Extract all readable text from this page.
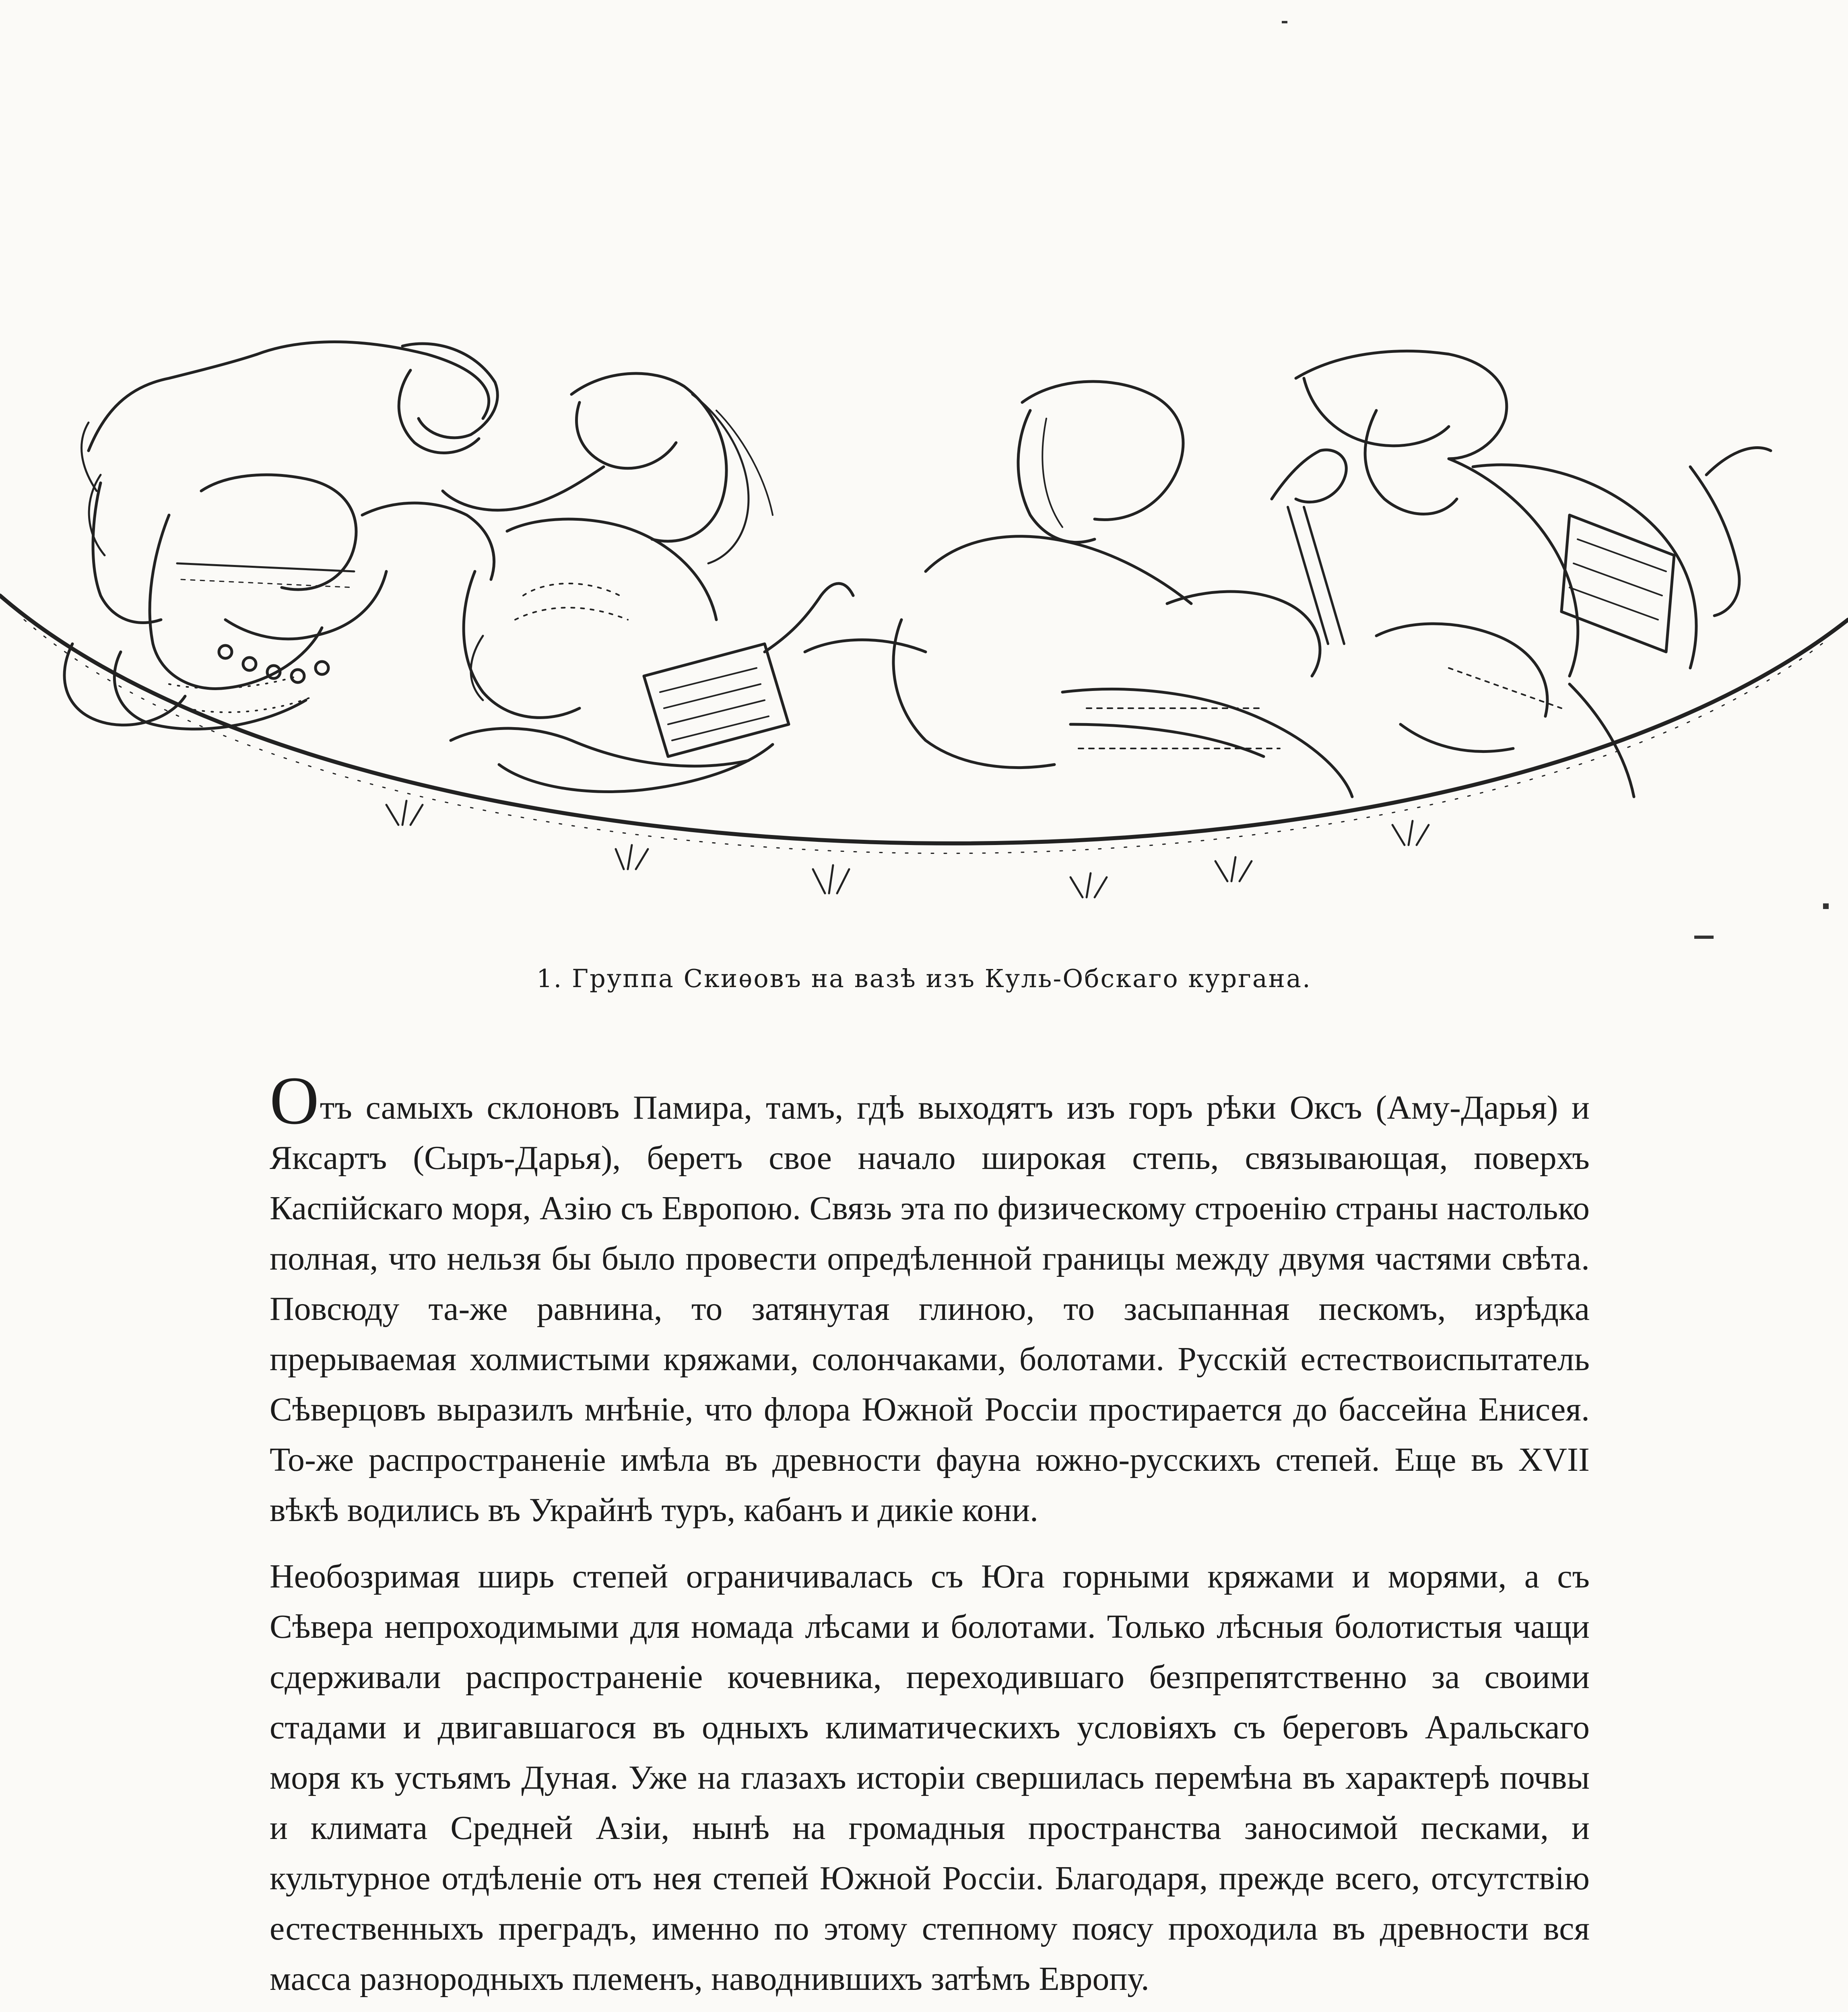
1. Группа Скиѳовъ на вазѣ изъ Куль-Обскаго кургана.

Отъ самыхъ склоновъ Памира, тамъ, гдѣ выходятъ изъ горъ рѣки Оксъ (Аму-Дарья) и Яксартъ (Сыръ-Дарья), беретъ свое начало широкая степь, связывающая, поверхъ Каспійскаго моря, Азію съ Европою. Связь эта по физическому строенію страны настолько полная, что нельзя бы было провести опредѣленной границы между двумя частями свѣта. Повсюду та-же равнина, то затянутая глиною, то засыпанная пескомъ, изрѣдка прерываемая холмистыми кряжами, солончаками, болотами. Русскій естествоиспытатель Сѣверцовъ выразилъ мнѣніе, что флора Южной Россіи простирается до бассейна Енисея. То-же распространеніе имѣла въ древности фауна южно-русскихъ степей. Еще въ XVII вѣкѣ водились въ Украйнѣ туръ, кабанъ и дикіе кони.

Необозримая ширь степей ограничивалась съ Юга горными кряжами и морями, а съ Сѣвера непроходимыми для номада лѣсами и болотами. Только лѣсныя болотистыя чащи сдерживали распространеніе кочевника, переходившаго безпрепятственно за своими стадами и двигавшагося въ одныхъ климатическихъ условіяхъ съ береговъ Аральскаго моря къ устьямъ Дуная. Уже на глазахъ исторіи свершилась перемѣна въ характерѣ почвы и климата Средней Азіи, нынѣ на громадныя пространства заносимой песками, и культурное отдѣленіе отъ нея степей Южной Россіи. Благодаря, прежде всего, отсутствію естественныхъ преградъ, именно по этому степному поясу проходила въ древности вся масса разнородныхъ племенъ, наводнившихъ затѣмъ Европу.
